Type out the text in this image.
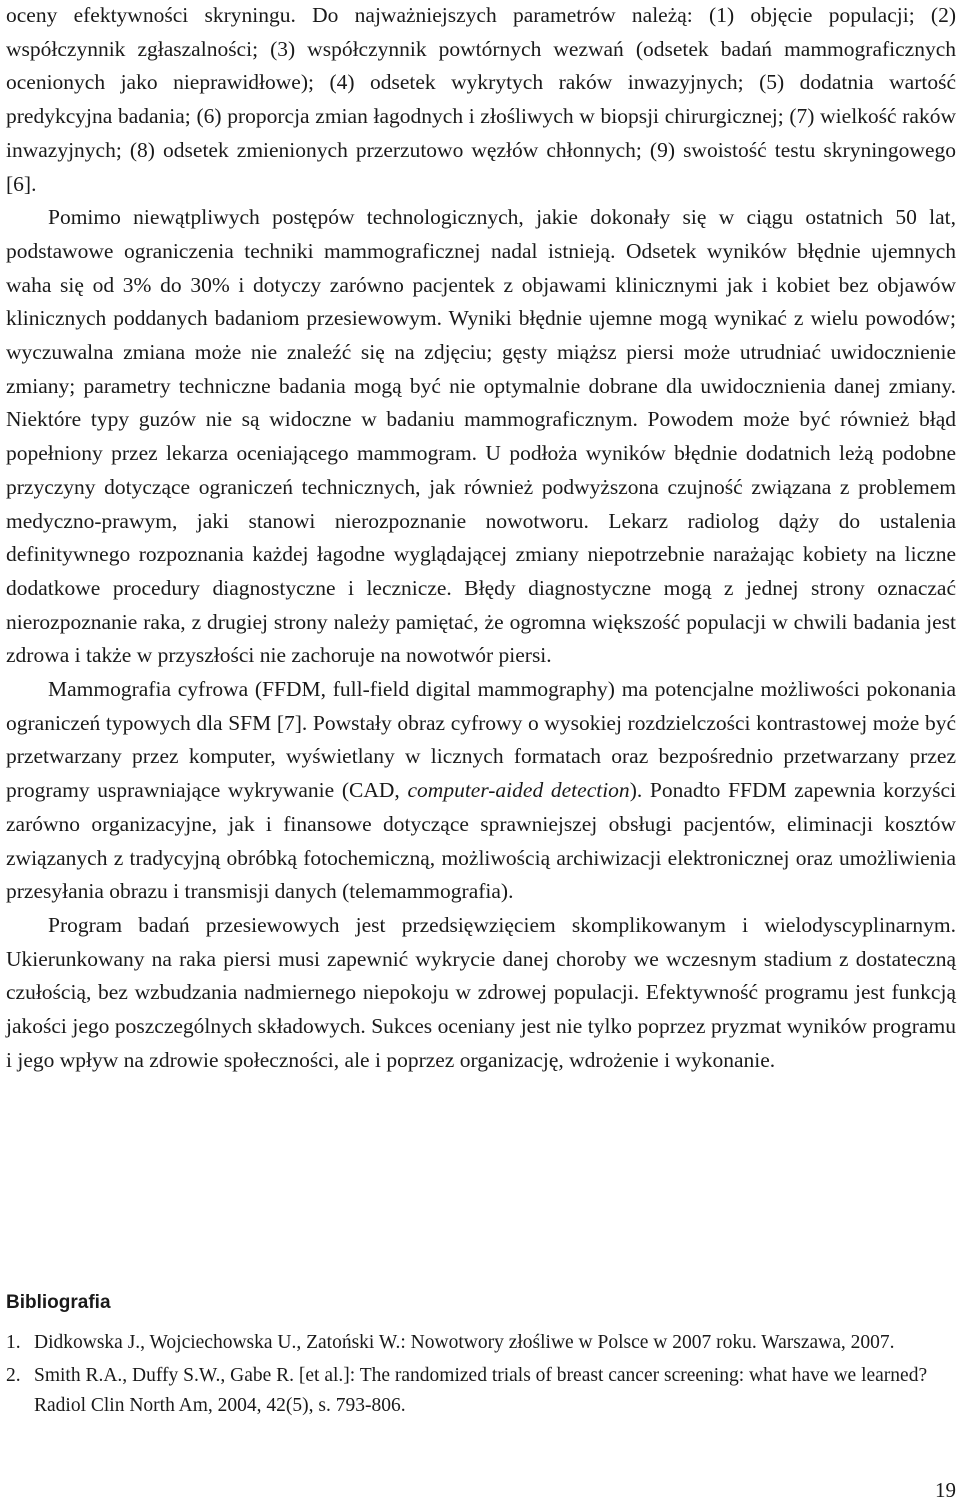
oceny efektywności skryningu. Do najważniejszych parametrów należą: (1) objęcie populacji; (2) współczynnik zgłaszalności; (3) współczynnik powtórnych wezwań (odsetek badań mammograficznych ocenionych jako nieprawidłowe); (4) odsetek wykrytych raków inwazyjnych; (5) dodatnia wartość predykcyjna badania; (6) proporcja zmian łagodnych i złośliwych w biopsji chirurgicznej; (7) wielkość raków inwazyjnych; (8) odsetek zmienionych przerzutowo węzłów chłonnych; (9) swoistość testu skryningowego [6].

Pomimo niewątpliwych postępów technologicznych, jakie dokonały się w ciągu ostatnich 50 lat, podstawowe ograniczenia techniki mammograficznej nadal istnieją. Odsetek wyników błędnie ujemnych waha się od 3% do 30% i dotyczy zarówno pacjentek z objawami klinicznymi jak i kobiet bez objawów klinicznych poddanych badaniom przesiewowym. Wyniki błędnie ujemne mogą wynikać z wielu powodów; wyczuwalna zmiana może nie znaleźć się na zdjęciu; gęsty miąższ piersi może utrudniać uwidocznienie zmiany; parametry techniczne badania mogą być nie optymalnie dobrane dla uwidocznienia danej zmiany. Niektóre typy guzów nie są widoczne w badaniu mammograficznym. Powodem może być również błąd popełniony przez lekarza oceniającego mammogram. U podłoża wyników błędnie dodatnich leżą podobne przyczyny dotyczące ograniczeń technicznych, jak również podwyższona czujność związana z problemem medyczno-prawym, jaki stanowi nierozpoznanie nowotworu. Lekarz radiolog dąży do ustalenia definitywnego rozpoznania każdej łagodne wyglądającej zmiany niepotrzebnie narażając kobiety na liczne dodatkowe procedury diagnostyczne i lecznicze. Błędy diagnostyczne mogą z jednej strony oznaczać nierozpoznanie raka, z drugiej strony należy pamiętać, że ogromna większość populacji w chwili badania jest zdrowa i także w przyszłości nie zachoruje na nowotwór piersi.

Mammografia cyfrowa (FFDM, full-field digital mammography) ma potencjalne możliwości pokonania ograniczeń typowych dla SFM [7]. Powstały obraz cyfrowy o wysokiej rozdzielczości kontrastowej może być przetwarzany przez komputer, wyświetlany w licznych formatach oraz bezpośrednio przetwarzany przez programy usprawniające wykrywanie (CAD, computer-aided detection). Ponadto FFDM zapewnia korzyści zarówno organizacyjne, jak i finansowe dotyczące sprawniejszej obsługi pacjentów, eliminacji kosztów związanych z tradycyjną obróbką fotochemiczną, możliwością archiwizacji elektronicznej oraz umożliwienia przesyłania obrazu i transmisji danych (telemammografia).

Program badań przesiewowych jest przedsięwzięciem skomplikowanym i wielodyscyplinarnym. Ukierunkowany na raka piersi musi zapewnić wykrycie danej choroby we wczesnym stadium z dostateczną czułością, bez wzbudzania nadmiernego niepokoju w zdrowej populacji. Efektywność programu jest funkcją jakości jego poszczególnych składowych. Sukces oceniany jest nie tylko poprzez pryzmat wyników programu i jego wpływ na zdrowie społeczności, ale i poprzez organizację, wdrożenie i wykonanie.

Bibliografia
1. Didkowska J., Wojciechowska U., Zatoński W.: Nowotwory złośliwe w Polsce w 2007 roku. Warszawa, 2007.
2. Smith R.A., Duffy S.W., Gabe R. [et al.]: The randomized trials of breast cancer screening: what have we learned? Radiol Clin North Am, 2004, 42(5), s. 793-806.
19
